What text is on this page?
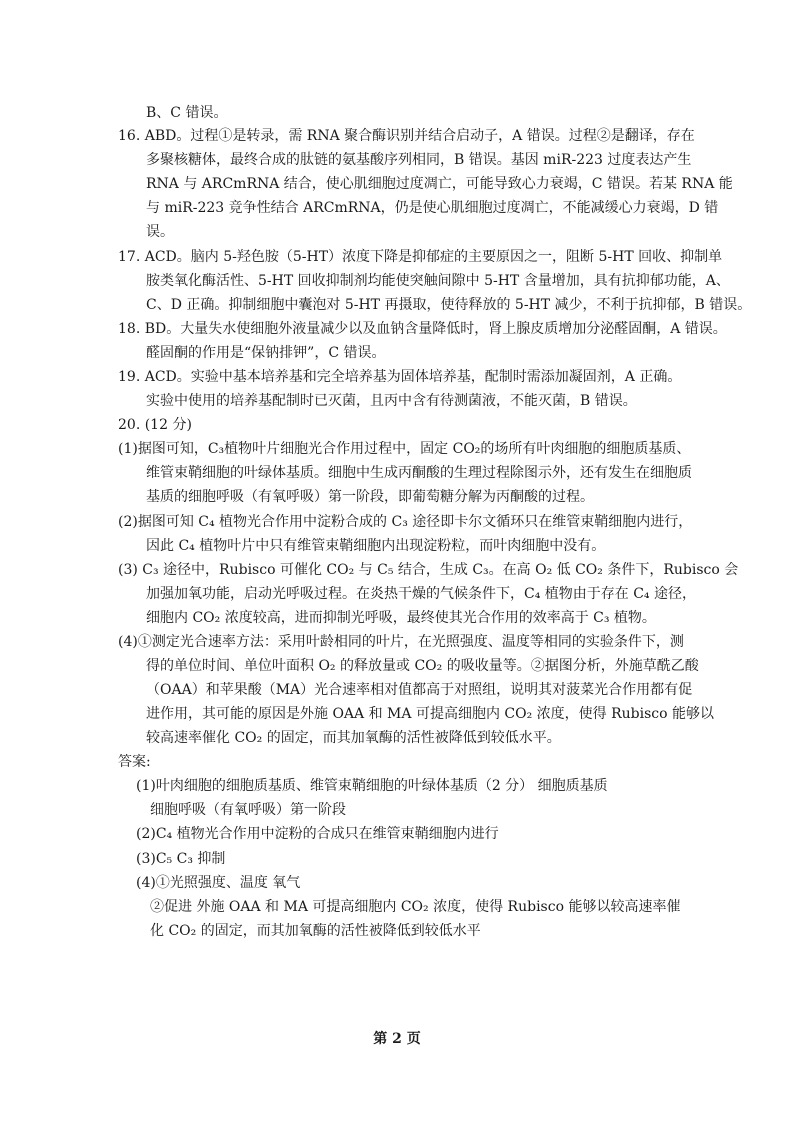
B、C 错误。
16. ABD。过程①是转录，需 RNA 聚合酶识别并结合启动子，A 错误。过程②是翻译，存在
多聚核糖体，最终合成的肽链的氨基酸序列相同，B 错误。基因 miR-223 过度表达产生
RNA 与 ARCmRNA 结合，使心肌细胞过度凋亡，可能导致心力衰竭，C 错误。若某 RNA 能
与 miR-223 竞争性结合 ARCmRNA，仍是使心肌细胞过度凋亡，不能减缓心力衰竭，D 错
误。
17. ACD。脑内 5-羟色胺（5-HT）浓度下降是抑郁症的主要原因之一，阻断 5-HT 回收、抑制单
胺类氧化酶活性、5-HT 回收抑制剂均能使突触间隙中 5-HT 含量增加，具有抗抑郁功能，A、
C、D 正确。抑制细胞中囊泡对 5-HT 再摄取，使待释放的 5-HT 减少，不利于抗抑郁，B 错误。
18. BD。大量失水使细胞外液量减少以及血钠含量降低时，肾上腺皮质增加分泌醛固酮，A 错误。
醛固酮的作用是“保钠排钾”，C 错误。
19. ACD。实验中基本培养基和完全培养基为固体培养基，配制时需添加凝固剂，A 正确。
实验中使用的培养基配制时已灭菌，且丙中含有待测菌液，不能灭菌，B 错误。
20. (12 分)
(1)据图可知，C₃植物叶片细胞光合作用过程中，固定 CO₂的场所有叶肉细胞的细胞质基质、
维管束鞘细胞的叶绿体基质。细胞中生成丙酮酸的生理过程除图示外，还有发生在细胞质
基质的细胞呼吸（有氧呼吸）第一阶段，即葡萄糖分解为丙酮酸的过程。
(2)据图可知 C₄ 植物光合作用中淀粉合成的 C₃ 途径即卡尔文循环只在维管束鞘细胞内进行，
因此 C₄ 植物叶片中只有维管束鞘细胞内出现淀粉粒，而叶肉细胞中没有。
(3) C₃ 途径中，Rubisco 可催化 CO₂ 与 C₅ 结合，生成 C₃。在高 O₂ 低 CO₂ 条件下，Rubisco 会
加强加氧功能，启动光呼吸过程。在炎热干燥的气候条件下，C₄ 植物由于存在 C₄ 途径，
细胞内 CO₂ 浓度较高，进而抑制光呼吸，最终使其光合作用的效率高于 C₃ 植物。
(4)①测定光合速率方法：采用叶龄相同的叶片，在光照强度、温度等相同的实验条件下，测
得的单位时间、单位叶面积 O₂ 的释放量或 CO₂ 的吸收量等。②据图分析，外施草酰乙酸
（OAA）和苹果酸（MA）光合速率相对值都高于对照组，说明其对菠菜光合作用都有促
进作用，其可能的原因是外施 OAA 和 MA 可提高细胞内 CO₂ 浓度，使得 Rubisco 能够以
较高速率催化 CO₂ 的固定，而其加氧酶的活性被降低到较低水平。
答案:
(1)叶肉细胞的细胞质基质、维管束鞘细胞的叶绿体基质（2 分） 细胞质基质
细胞呼吸（有氧呼吸）第一阶段
(2)C₄ 植物光合作用中淀粉的合成只在维管束鞘细胞内进行
(3)C₅ C₃ 抑制
(4)①光照强度、温度 氧气
②促进 外施 OAA 和 MA 可提高细胞内 CO₂ 浓度，使得 Rubisco 能够以较高速率催
化 CO₂ 的固定，而其加氧酶的活性被降低到较低水平
第 2 页
